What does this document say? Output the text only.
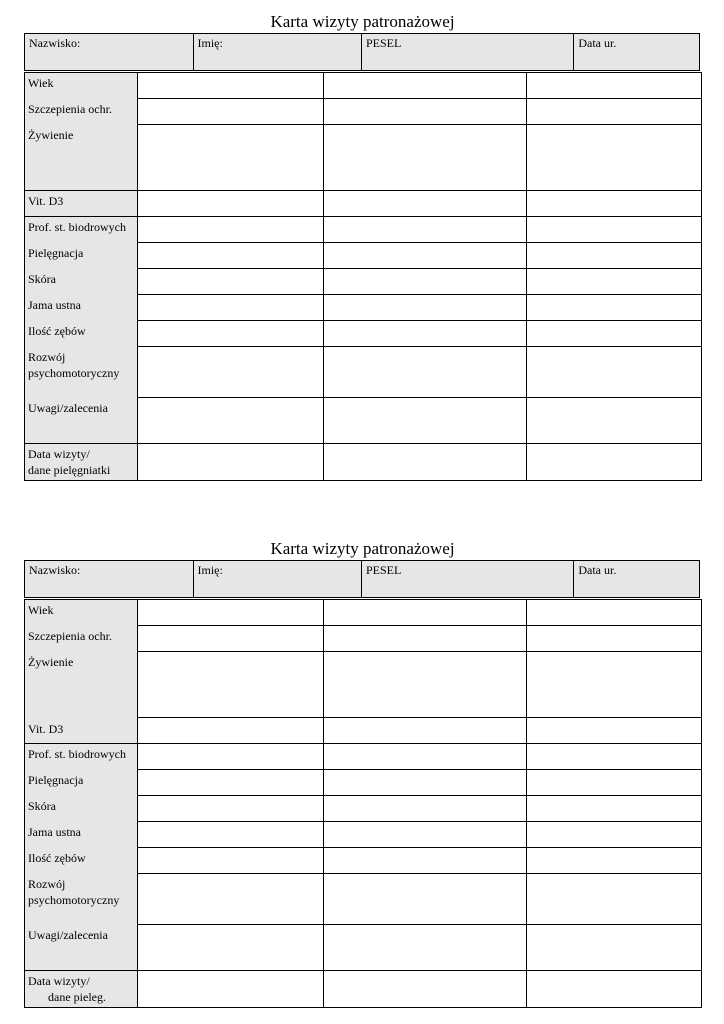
Karta wizyty patronażowej
Nazwisko:	Imię:	PESEL	Data ur.
Wiek			
Szczepienia ochr.			
Żywienie			
Vit. D3			
Prof. st. biodrowych			
Pielęgnacja			
Skóra			
Jama ustna			
Ilość zębów			

Rozwój
psychomotoryczny			

Uwagi/zalecenia			

Data wizyty/
dane pielęgniatki			

Karta wizyty patronażowej
Nazwisko:	Imię:	PESEL	Data ur.
Wiek			
Szczepienia ochr.			

Żywienie
Vit. D3			

Prof. st. biodrowych			
Pielęgnacja			
Skóra			
Jama ustna			
Ilość zębów			

Rozwój
psychomotoryczny			

Uwagi/zalecenia			

Data wizyty/
dane pieleg.			
